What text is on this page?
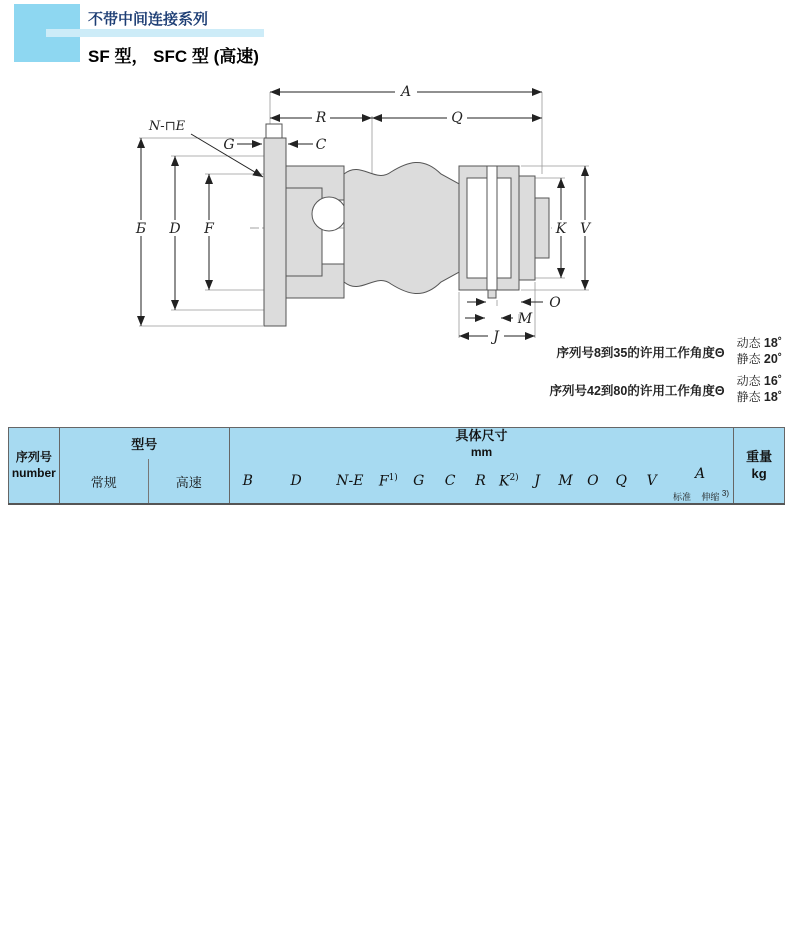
不带中间连接系列
SF 型， SFC 型 (高速)
A
R	Q
G	C
N-⊓E
Б D F	K V
O
M
J
序列号8到35的许用工作角度Θ
动态 18˚
静态 20˚
序列号42到80的许用工作角度Θ
动态 16˚
静态 18˚
序列号
number	型号		具体尺寸
mm															重量
kg
	常规	高速	B	D	N-E	$F^{1)}$	G	C	R	$K^{2)}$	J	M	O	Q	V	A		
																标准	伸缩 $^{3)}$
